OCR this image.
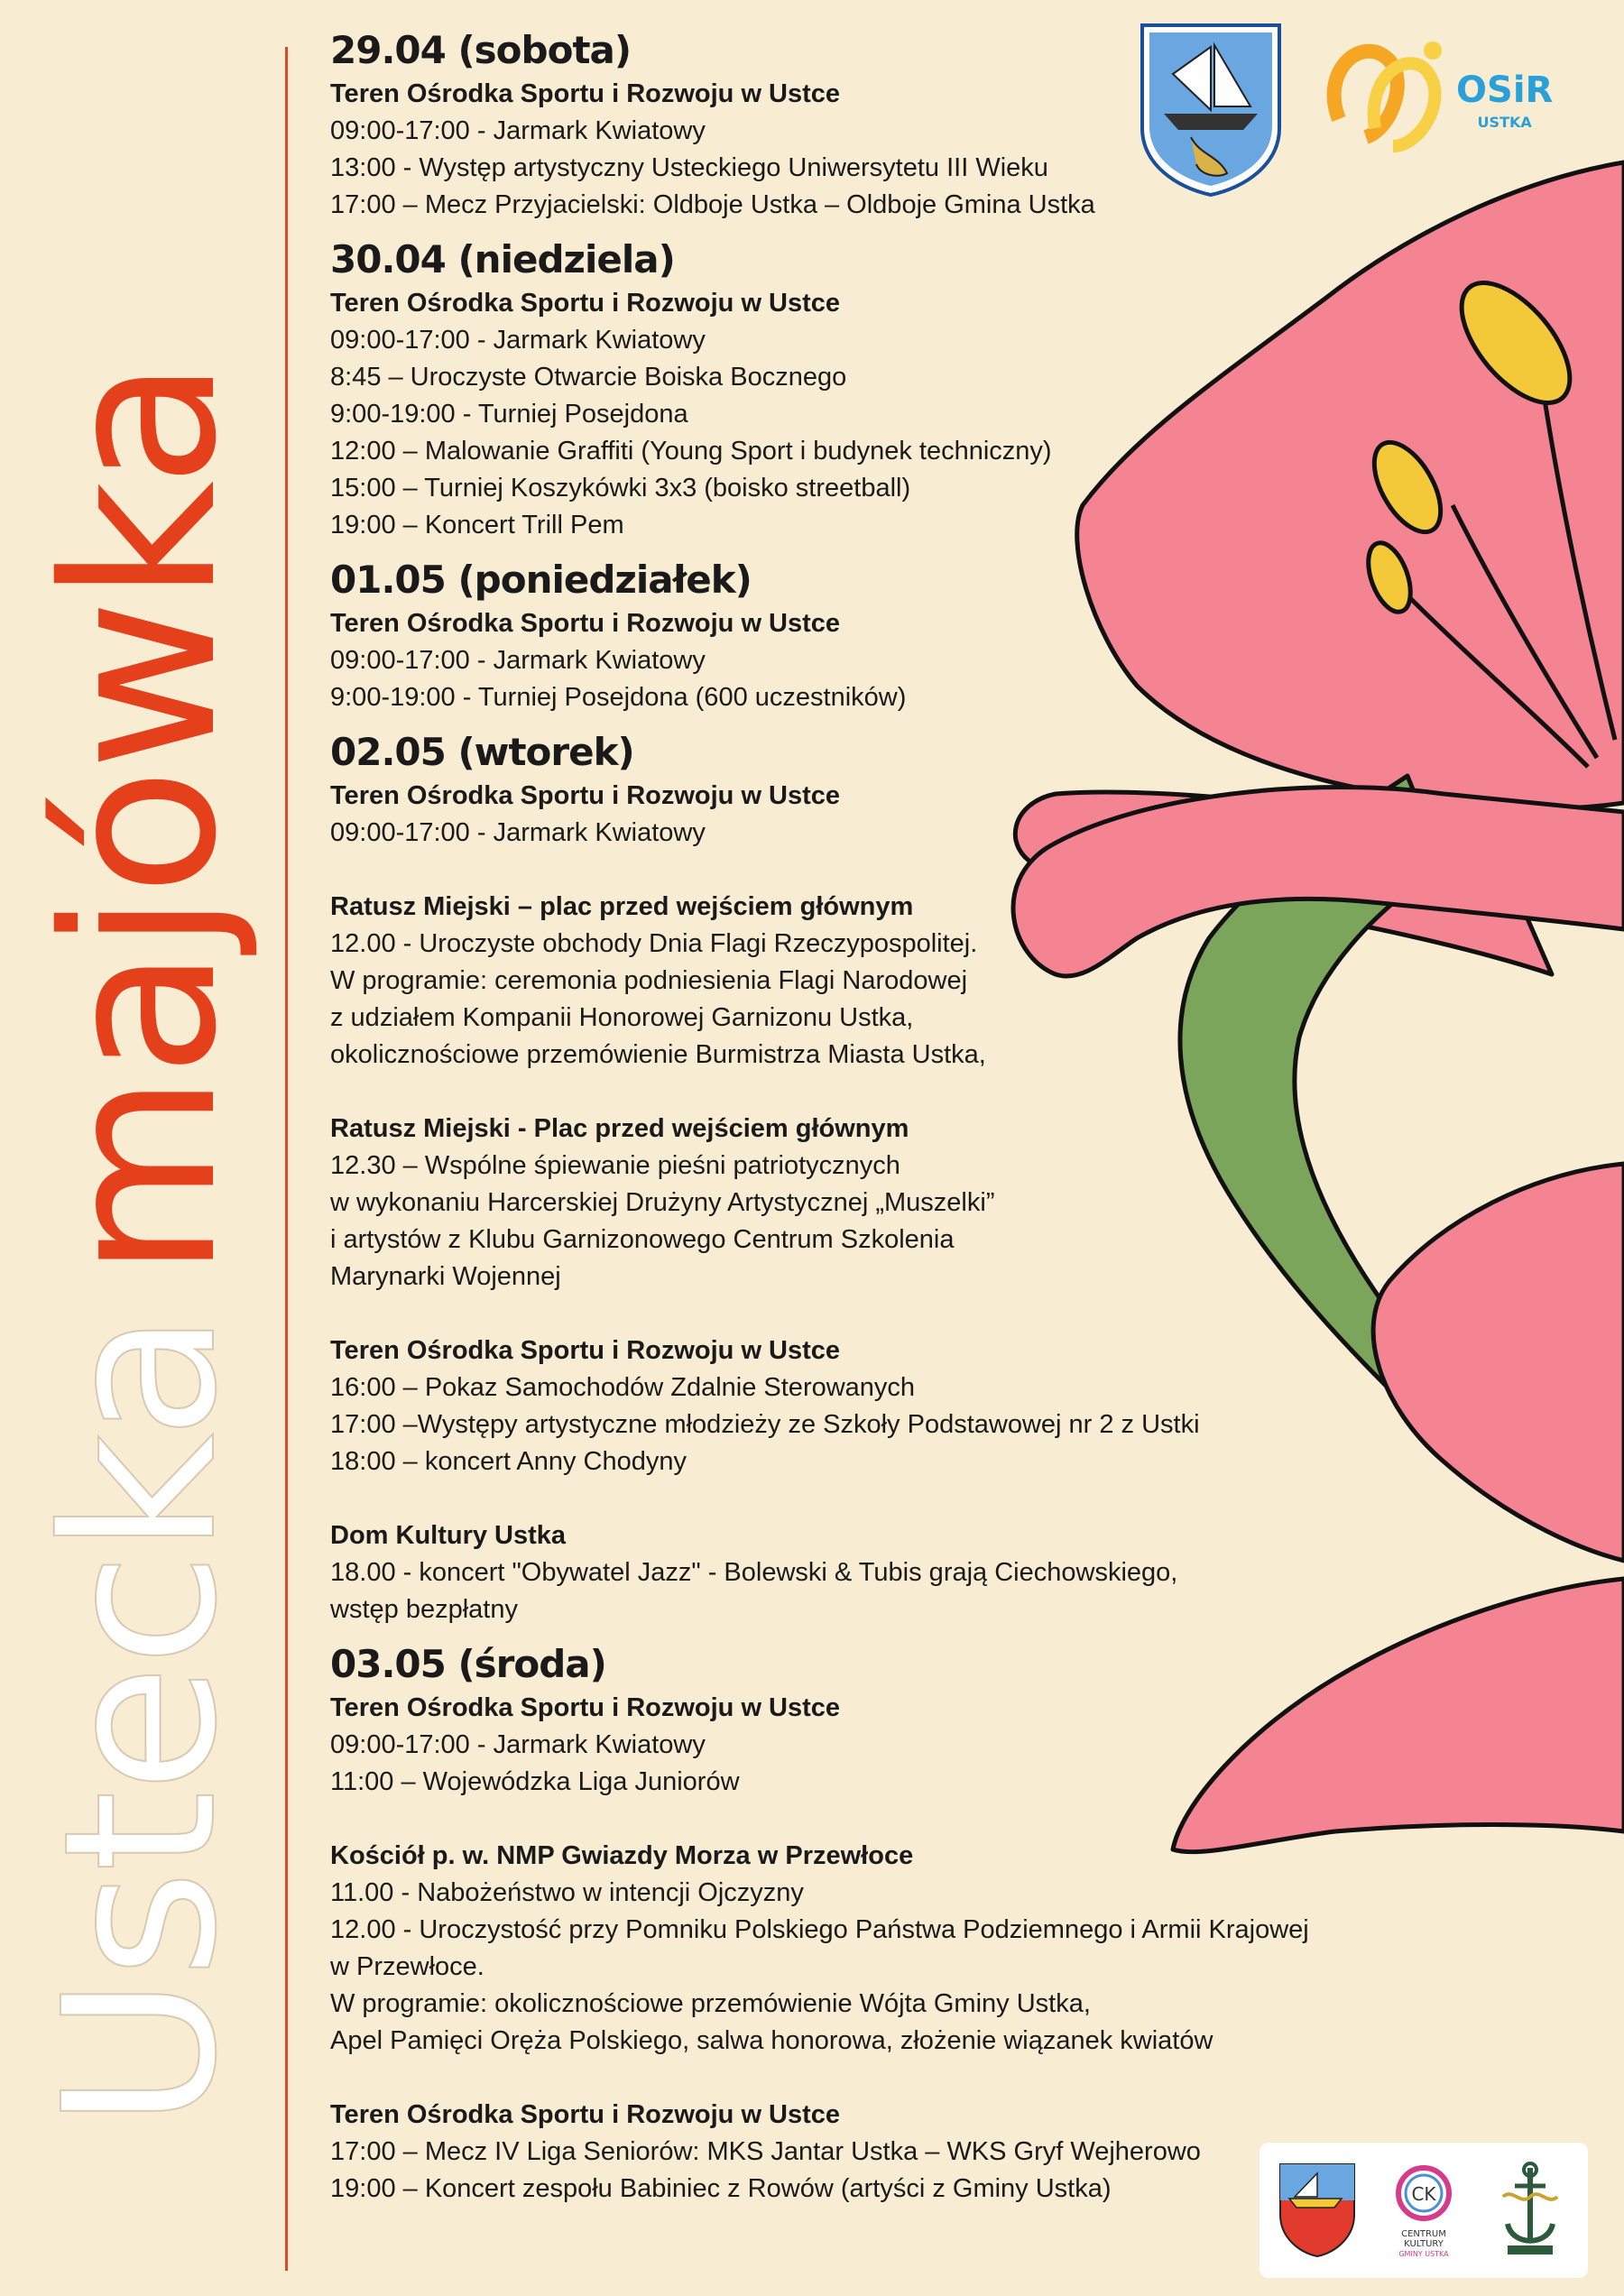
Usteckamajówka
OSiR
USTKA
29.04 (sobota)
Teren Ośrodka Sportu i Rozwoju w Ustce
09:00-17:00 - Jarmark Kwiatowy
13:00 - Występ artystyczny Usteckiego Uniwersytetu III Wieku
17:00 – Mecz Przyjacielski: Oldboje Ustka – Oldboje Gmina Ustka
30.04 (niedziela)
Teren Ośrodka Sportu i Rozwoju w Ustce
09:00-17:00 - Jarmark Kwiatowy
8:45 – Uroczyste Otwarcie Boiska Bocznego
9:00-19:00 - Turniej Posejdona
12:00 – Malowanie Graffiti (Young Sport i budynek techniczny)
15:00 – Turniej Koszykówki 3x3 (boisko streetball)
19:00 – Koncert Trill Pem
01.05 (poniedziałek)
Teren Ośrodka Sportu i Rozwoju w Ustce
09:00-17:00 - Jarmark Kwiatowy
9:00-19:00 - Turniej Posejdona (600 uczestników)
02.05 (wtorek)
Teren Ośrodka Sportu i Rozwoju w Ustce
09:00-17:00 - Jarmark Kwiatowy
Ratusz Miejski – plac przed wejściem głównym
12.00 - Uroczyste obchody Dnia Flagi Rzeczypospolitej.
W programie: ceremonia podniesienia Flagi Narodowej
z udziałem Kompanii Honorowej Garnizonu Ustka,
okolicznościowe przemówienie Burmistrza Miasta Ustka,
Ratusz Miejski - Plac przed wejściem głównym
12.30 – Wspólne śpiewanie pieśni patriotycznych
w wykonaniu Harcerskiej Drużyny Artystycznej „Muszelki”
i artystów z Klubu Garnizonowego Centrum Szkolenia
Marynarki Wojennej
Teren Ośrodka Sportu i Rozwoju w Ustce
16:00 – Pokaz Samochodów Zdalnie Sterowanych
17:00 –Występy artystyczne młodzieży ze Szkoły Podstawowej nr 2 z Ustki
18:00 – koncert Anny Chodyny
Dom Kultury Ustka
18.00 - koncert "Obywatel Jazz" - Bolewski & Tubis grają Ciechowskiego,
wstęp bezpłatny
03.05 (środa)
Teren Ośrodka Sportu i Rozwoju w Ustce
09:00-17:00 - Jarmark Kwiatowy
11:00 – Wojewódzka Liga Juniorów
Kościół p. w. NMP Gwiazdy Morza w Przewłoce
11.00 - Nabożeństwo w intencji Ojczyzny
12.00 - Uroczystość przy Pomniku Polskiego Państwa Podziemnego i Armii Krajowej
w Przewłoce.
W programie: okolicznościowe przemówienie Wójta Gminy Ustka,
Apel Pamięci Oręża Polskiego, salwa honorowa, złożenie wiązanek kwiatów
Teren Ośrodka Sportu i Rozwoju w Ustce
17:00 – Mecz IV Liga Seniorów: MKS Jantar Ustka – WKS Gryf Wejherowo
19:00 – Koncert zespołu Babiniec z Rowów (artyści z Gminy Ustka)	CK
CENTRUM
KULTURY
GMINY USTKA
